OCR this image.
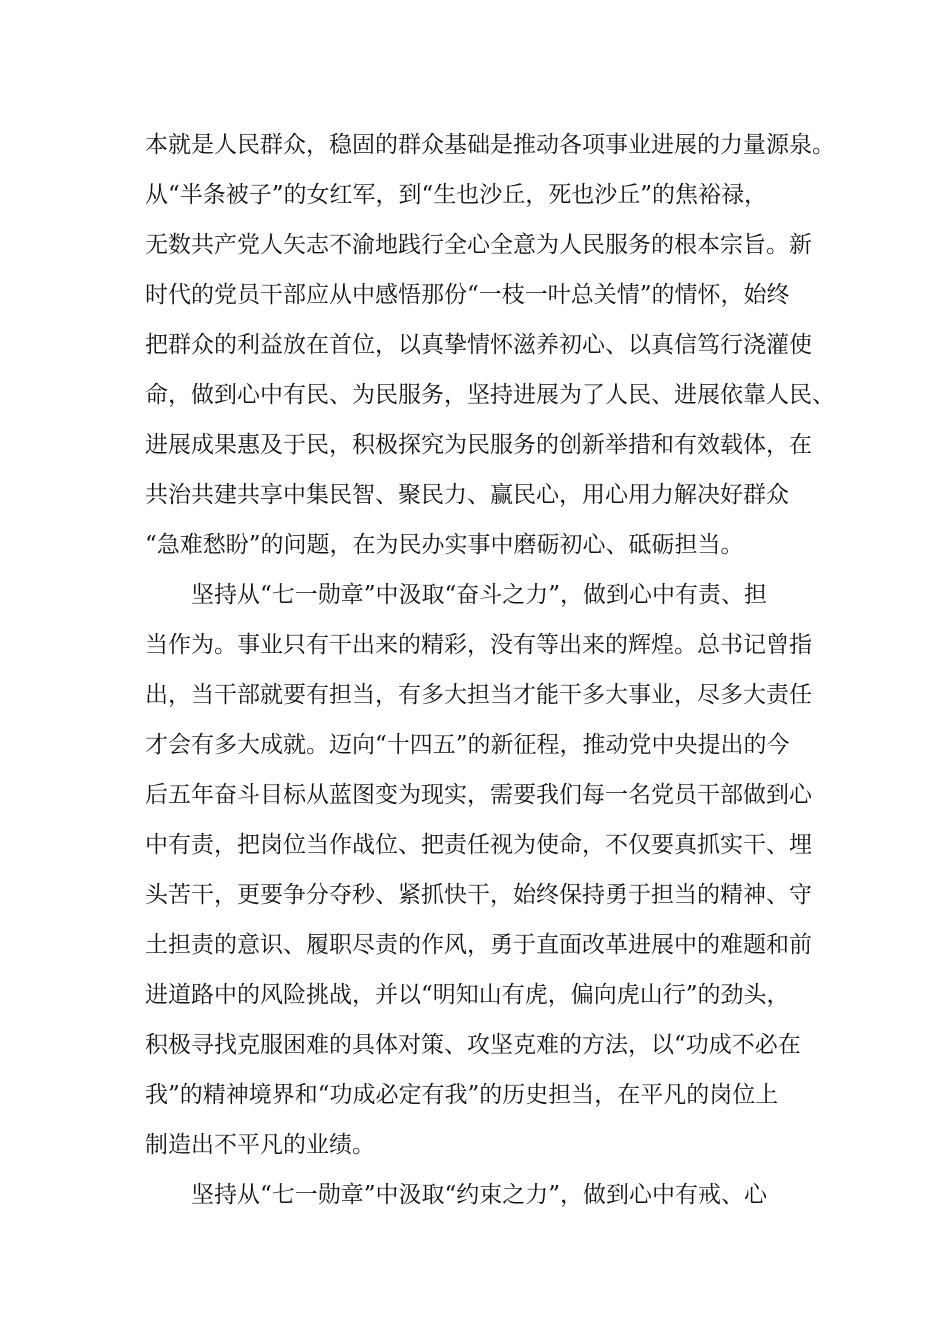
本就是人民群众，稳固的群众基础是推动各项事业进展的力量源泉。
从“半条被子”的女红军，到“生也沙丘，死也沙丘”的焦裕禄，
无数共产党人矢志不渝地践行全心全意为人民服务的根本宗旨。新
时代的党员干部应从中感悟那份“一枝一叶总关情”的情怀，始终
把群众的利益放在首位，以真挚情怀滋养初心、以真信笃行浇灌使
命，做到心中有民、为民服务，坚持进展为了人民、进展依靠人民、
进展成果惠及于民，积极探究为民服务的创新举措和有效载体，在
共治共建共享中集民智、聚民力、赢民心，用心用力解决好群众
“急难愁盼”的问题，在为民办实事中磨砺初心、砥砺担当。
坚持从“七一勋章”中汲取“奋斗之力”，做到心中有责、担
当作为。事业只有干出来的精彩，没有等出来的辉煌。总书记曾指
出，当干部就要有担当，有多大担当才能干多大事业，尽多大责任
才会有多大成就。迈向“十四五”的新征程，推动党中央提出的今
后五年奋斗目标从蓝图变为现实，需要我们每一名党员干部做到心
中有责，把岗位当作战位、把责任视为使命，不仅要真抓实干、埋
头苦干，更要争分夺秒、紧抓快干，始终保持勇于担当的精神、守
土担责的意识、履职尽责的作风，勇于直面改革进展中的难题和前
进道路中的风险挑战，并以“明知山有虎，偏向虎山行”的劲头，
积极寻找克服困难的具体对策、攻坚克难的方法，以“功成不必在
我”的精神境界和“功成必定有我”的历史担当，在平凡的岗位上
制造出不平凡的业绩。
坚持从“七一勋章”中汲取“约束之力”，做到心中有戒、心
